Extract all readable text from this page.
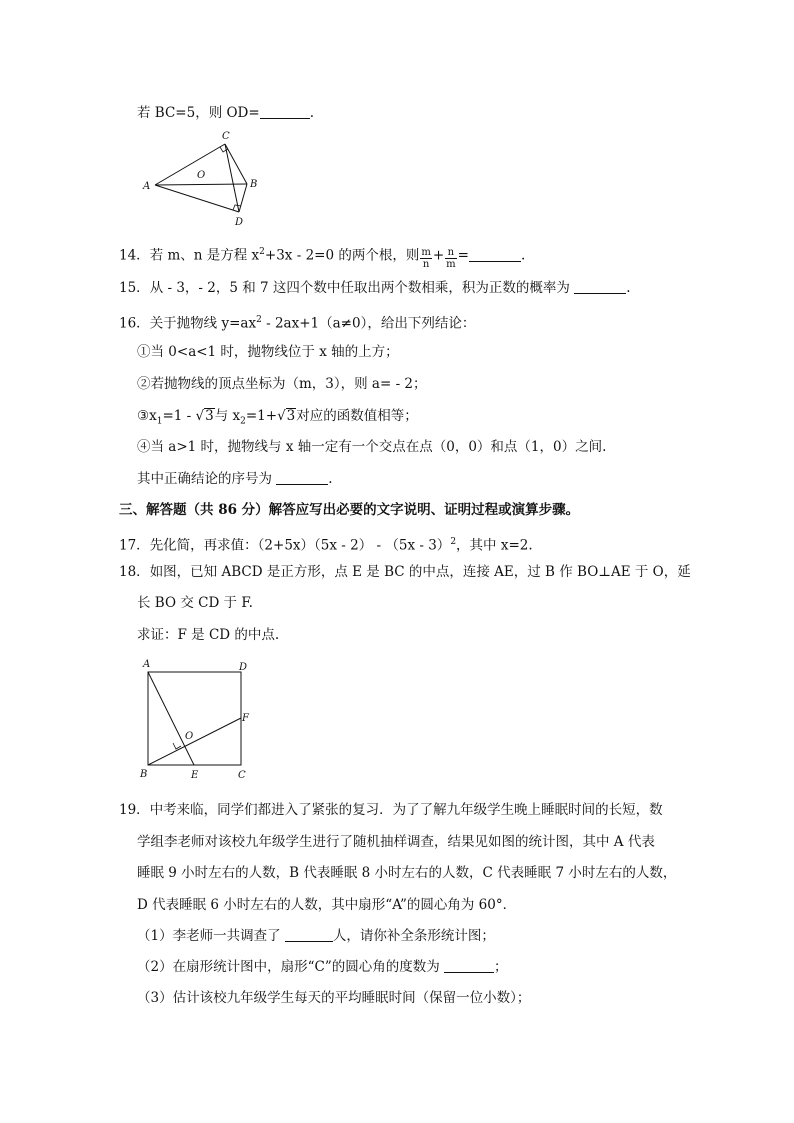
若 BC=5，则 OD=	.
C
O
A	B
D
14．若 m、n 是方程 $x^2+3x - 2=0$ 的两个根，则 $\frac{m}{n} + \frac{n}{m}$ =	.
15．从 - 3，- 2，5 和 7 这四个数中任取出两个数相乘，积为正数的概率为	.
16．关于抛物线 $y=ax^2 - 2ax+1(a\ne 0)$，给出下列结论：
①当 0<a<1 时，抛物线位于 x 轴的上方；
②若抛物线的顶点坐标为（m，3），则 a= - 2；
$③x_1=1 - √3$与 $x_2=1+√3$对应的函数值相等；
④当 a>1 时，抛物线与 x 轴一定有一个交点在点（0，0）和点（1，0）之间.
其中正确结论的序号为	.
三、解答题（共 86 分）解答应写出必要的文字说明、证明过程或演算步骤。
17．先化简，再求值：（2+5x）（5x - 2） - （5x - 3）$^2$，其中 x=2.
18．如图，已知 ABCD 是正方形，点 E 是 BC 的中点，连接 AE，过 B 作 BO⊥AE 于 O，延
长 BO 交 CD 于 F.
求证：F 是 CD 的中点.
A	D
F
O
B	E	C
19．中考来临，同学们都进入了紧张的复习．为了了解九年级学生晚上睡眠时间的长短，数
学组李老师对该校九年级学生进行了随机抽样调查，结果见如图的统计图，其中 A 代表
睡眠 9 小时左右的人数，B 代表睡眠 8 小时左右的人数，C 代表睡眠 7 小时左右的人数，
D 代表睡眠 6 小时左右的人数，其中扇形“A”的圆心角为 60°．
（1）李老师一共调查了	人，请你补全条形统计图；
（2）在扇形统计图中，扇形“C”的圆心角的度数为	；
（3）估计该校九年级学生每天的平均睡眠时间（保留一位小数）；
